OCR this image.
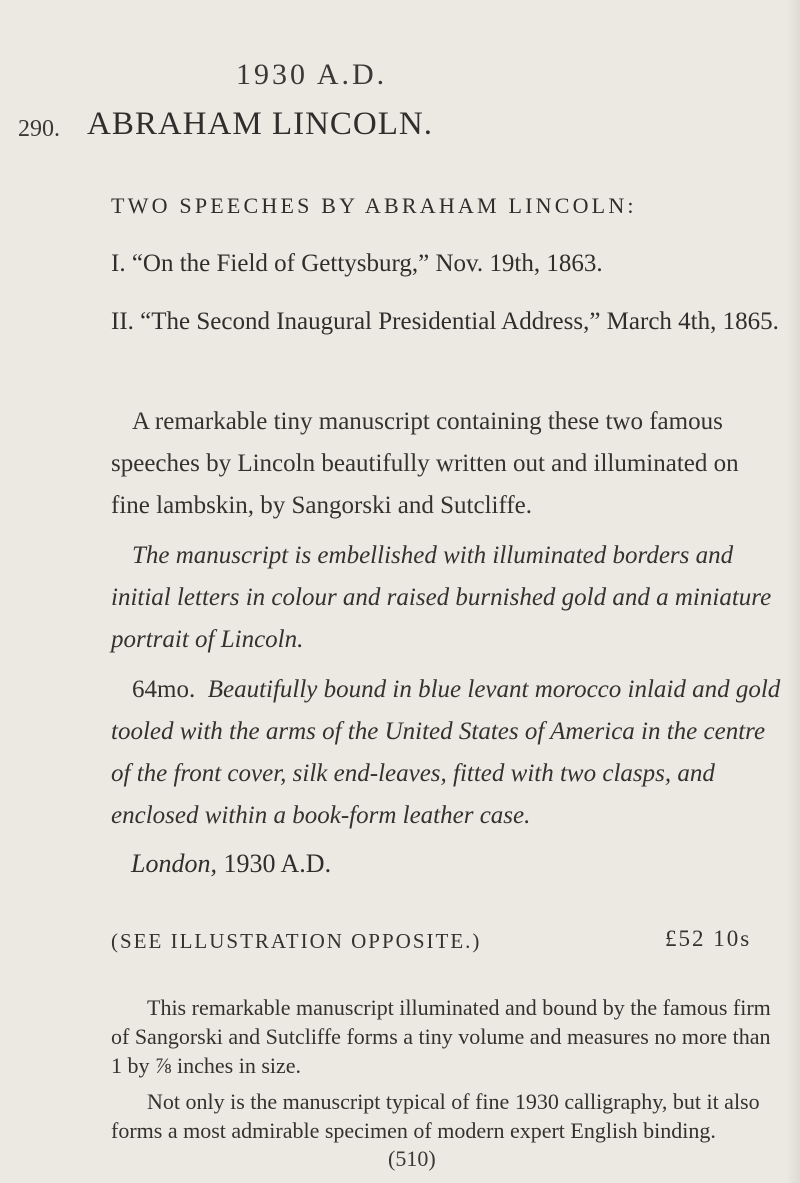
1930 A.D.
290. ABRAHAM LINCOLN.
TWO SPEECHES BY ABRAHAM LINCOLN:
I. “On the Field of Gettysburg,” Nov. 19th, 1863.
II. “The Second Inaugural Presidential Address,” March 4th, 1865.
A remarkable tiny manuscript containing these two famous speeches by Lincoln beautifully written out and illuminated on fine lambskin, by Sangorski and Sutcliffe.
The manuscript is embellished with illuminated borders and initial letters in colour and raised burnished gold and a miniature portrait of Lincoln.
64mo. Beautifully bound in blue levant morocco inlaid and gold tooled with the arms of the United States of America in the centre of the front cover, silk end-leaves, fitted with two clasps, and enclosed within a book-form leather case.
London, 1930 A.D.
(SEE ILLUSTRATION OPPOSITE.)	£52 10s
This remarkable manuscript illuminated and bound by the famous firm of Sangorski and Sutcliffe forms a tiny volume and measures no more than 1 by ⅞ inches in size.
Not only is the manuscript typical of fine 1930 calligraphy, but it also forms a most admirable specimen of modern expert English binding.
(510)
